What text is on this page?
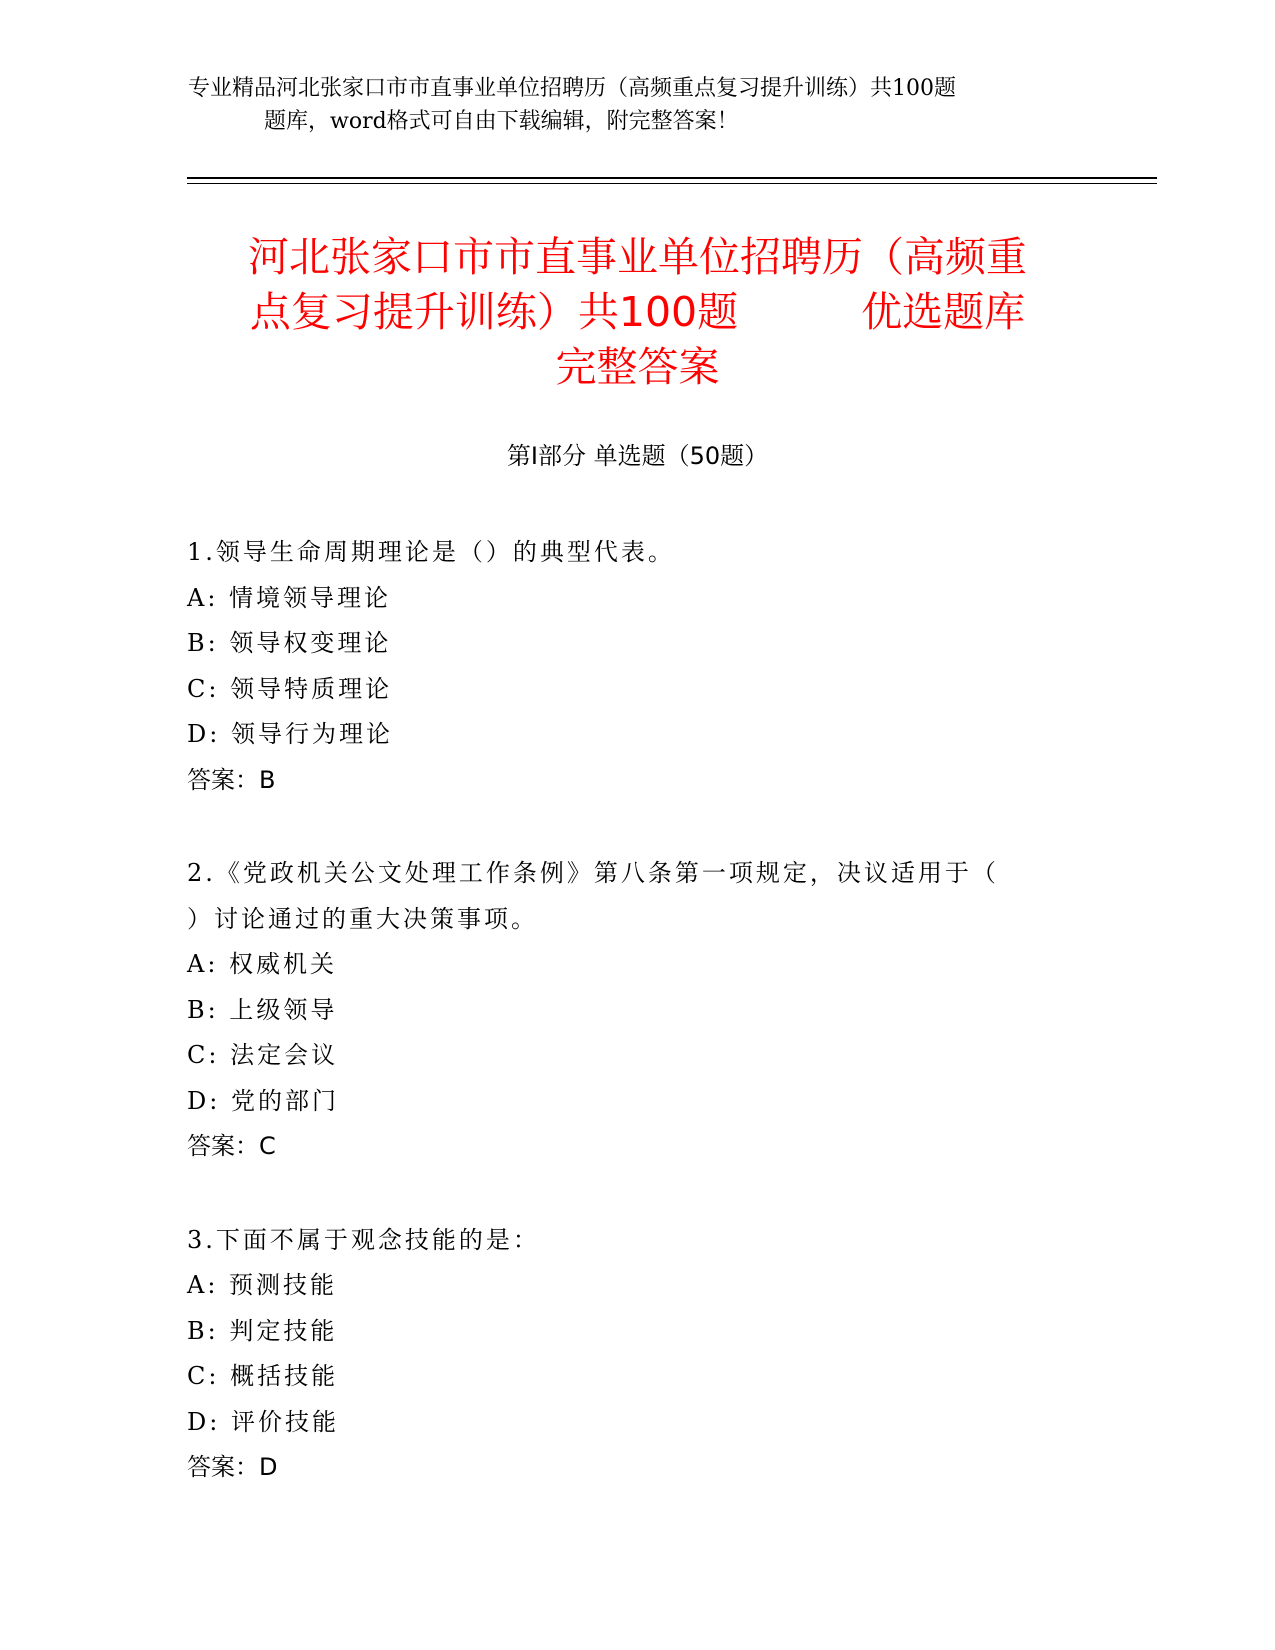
专业精品河北张家口市市直事业单位招聘历（高频重点复习提升训练）共100题
题库，word格式可自由下载编辑，附完整答案！
河北张家口市市直事业单位招聘历（高频重
点复习提升训练）共100题　　　优选题库
完整答案
第Ⅰ部分 单选题（50题）
1.领导生命周期理论是（）的典型代表。
A: 情境领导理论
B: 领导权变理论
C: 领导特质理论
D: 领导行为理论
答案：B
2.《党政机关公文处理工作条例》第八条第一项规定，决议适用于（
）讨论通过的重大决策事项。
A: 权威机关
B: 上级领导
C: 法定会议
D: 党的部门
答案：C
3.下面不属于观念技能的是：
A: 预测技能
B: 判定技能
C: 概括技能
D: 评价技能
答案：D
